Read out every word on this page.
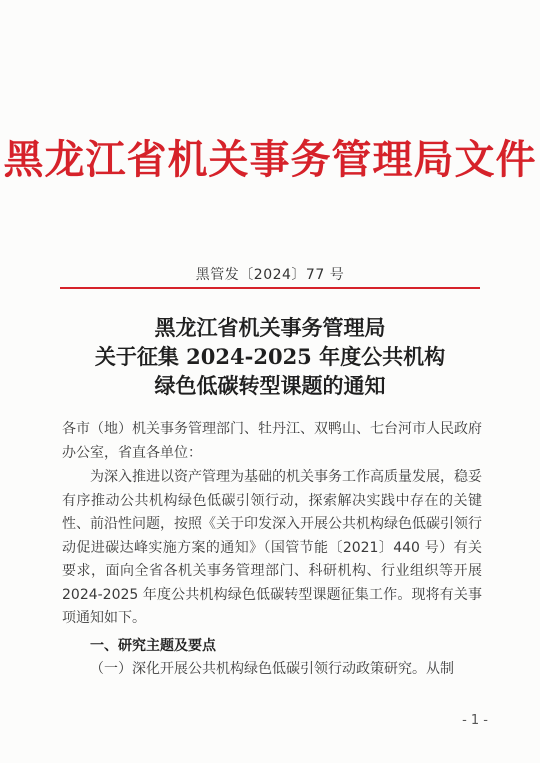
黑龙江省机关事务管理局文件
黑管发〔2024〕77 号
黑龙江省机关事务管理局
关于征集 2024-2025 年度公共机构
绿色低碳转型课题的通知
各市（地）机关事务管理部门、牡丹江、双鸭山、七台河市人民政府办公室，省直各单位：
为深入推进以资产管理为基础的机关事务工作高质量发展，稳妥有序推动公共机构绿色低碳引领行动，探索解决实践中存在的关键性、前沿性问题，按照《关于印发深入开展公共机构绿色低碳引领行动促进碳达峰实施方案的通知》（国管节能〔2021〕440 号）有关要求，面向全省各机关事务管理部门、科研机构、行业组织等开展 2024-2025 年度公共机构绿色低碳转型课题征集工作。现将有关事项通知如下。
一、研究主题及要点
（一）深化开展公共机构绿色低碳引领行动政策研究。从制
- 1 -
